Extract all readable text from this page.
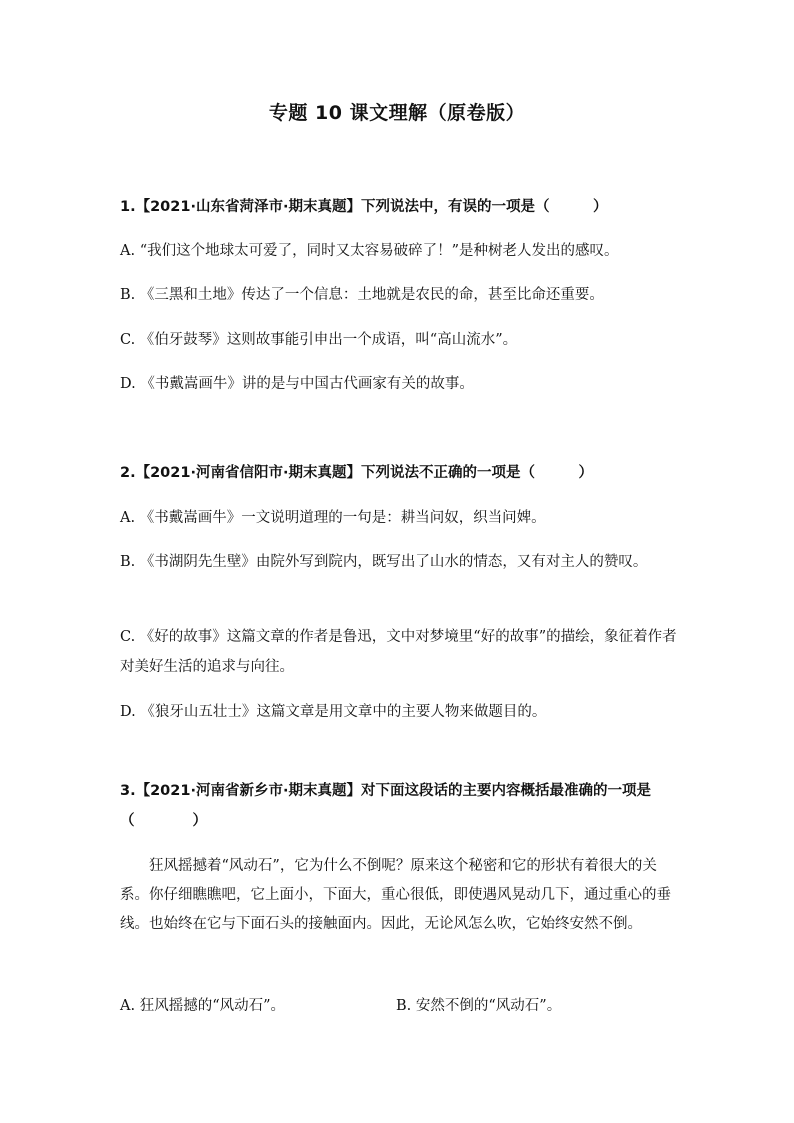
专题 10 课文理解（原卷版）
1.【2021·山东省菏泽市·期末真题】下列说法中，有误的一项是（　　　）
A. “我们这个地球太可爱了，同时又太容易破碎了！”是种树老人发出的感叹。
B. 《三黑和土地》传达了一个信息：土地就是农民的命，甚至比命还重要。
C. 《伯牙鼓琴》这则故事能引申出一个成语，叫“高山流水”。
D. 《书戴嵩画牛》讲的是与中国古代画家有关的故事。
2.【2021·河南省信阳市·期末真题】下列说法不正确的一项是（　　　）
A. 《书戴嵩画牛》一文说明道理的一句是：耕当问奴，织当问婢。
B. 《书湖阴先生壁》由院外写到院内，既写出了山水的情态，又有对主人的赞叹。
C. 《好的故事》这篇文章的作者是鲁迅，文中对梦境里“好的故事”的描绘，象征着作者对美好生活的追求与向往。
D. 《狼牙山五壮士》这篇文章是用文章中的主要人物来做题目的。
3.【2021·河南省新乡市·期末真题】对下面这段话的主要内容概括最准确的一项是（　　　　）
狂风摇撼着“风动石”，它为什么不倒呢？原来这个秘密和它的形状有着很大的关系。你仔细瞧瞧吧，它上面小，下面大，重心很低，即使遇风晃动几下，通过重心的垂线。也始终在它与下面石头的接触面内。因此，无论风怎么吹，它始终安然不倒。
A. 狂风摇撼的“风动石”。	B. 安然不倒的“风动石”。
